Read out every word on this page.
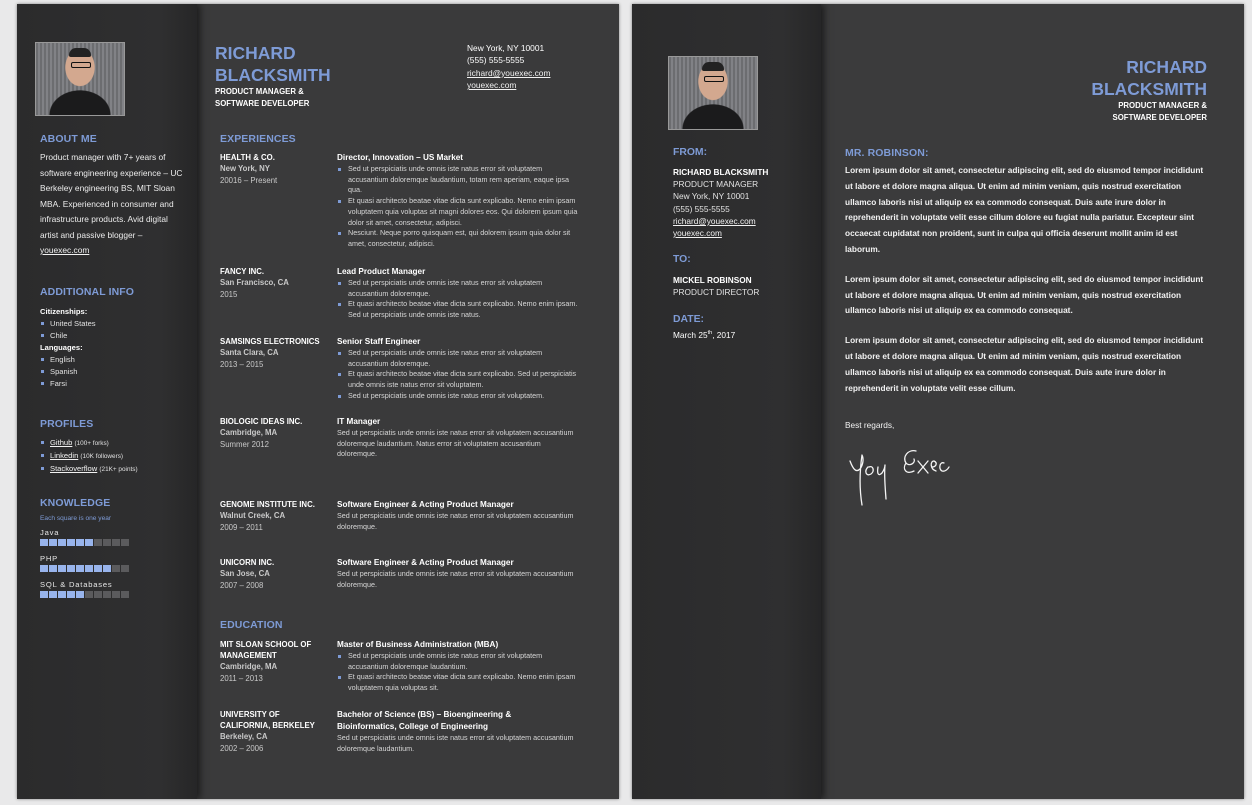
ABOUT ME
Product manager with 7+ years of software engineering experience – UC Berkeley engineering BS, MIT Sloan MBA. Experienced in consumer and infrastructure products. Avid digital artist and passive blogger – youexec.com
ADDITIONAL INFO
Citizenships:
United States
Chile
Languages:
English
Spanish
Farsi
PROFILES
Github (100+ forks)
Linkedin (10K followers)
Stackoverflow (21K+ points)
KNOWLEDGE
Each square is one year
Java
PHP
SQL & Databases
RICHARD
BLACKSMITH
PRODUCT MANAGER &
SOFTWARE DEVELOPER
New York, NY 10001
(555) 555-5555
richard@youexec.com
youexec.com
EXPERIENCES
HEALTH & CO.
New York, NY
20016 – Present
Director, Innovation – US Market
Sed ut perspiciatis unde omnis iste natus error sit voluptatem accusantium doloremque laudantium, totam rem aperiam, eaque ipsa qua.
Et quasi architecto beatae vitae dicta sunt explicabo. Nemo enim ipsam voluptatem quia voluptas sit magni dolores eos. Qui dolorem ipsum quia dolor sit amet, consectetur, adipisci.
Nesciunt. Neque porro quisquam est, qui dolorem ipsum quia dolor sit amet, consectetur, adipisci.
FANCY INC.
San Francisco, CA
2015
Lead Product Manager
Sed ut perspiciatis unde omnis iste natus error sit voluptatem accusantium doloremque.
Et quasi architecto beatae vitae dicta sunt explicabo. Nemo enim ipsam. Sed ut perspiciatis unde omnis iste natus.
SAMSINGS ELECTRONICS
Santa Clara, CA
2013 – 2015
Senior Staff Engineer
Sed ut perspiciatis unde omnis iste natus error sit voluptatem accusantium doloremque.
Et quasi architecto beatae vitae dicta sunt explicabo. Sed ut perspiciatis unde omnis iste natus error sit voluptatem.
Sed ut perspiciatis unde omnis iste natus error sit voluptatem.
BIOLOGIC IDEAS INC.
Cambridge, MA
Summer 2012
IT Manager

Sed ut perspiciatis unde omnis iste natus error sit voluptatem accusantium doloremque laudantium. Natus error sit voluptatem accusantium doloremque.

GENOME INSTITUTE INC.
Walnut Creek, CA
2009 – 2011
Software Engineer & Acting Product Manager

Sed ut perspiciatis unde omnis iste natus error sit voluptatem accusantium doloremque.

UNICORN INC.
San Jose, CA
2007 – 2008
Software Engineer & Acting Product Manager

Sed ut perspiciatis unde omnis iste natus error sit voluptatem accusantium doloremque.

EDUCATION
MIT SLOAN SCHOOL OF
MANAGEMENT
Cambridge, MA
2011 – 2013
Master of Business Administration (MBA)
Sed ut perspiciatis unde omnis iste natus error sit voluptatem accusantium doloremque laudantium.
Et quasi architecto beatae vitae dicta sunt explicabo. Nemo enim ipsam voluptatem quia voluptas sit.
UNIVERSITY OF
CALIFORNIA, BERKELEY
Berkeley, CA
2002 – 2006
Bachelor of Science (BS) – Bioengineering &
Bioinformatics, College of Engineering

Sed ut perspiciatis unde omnis iste natus error sit voluptatem accusantium doloremque laudantium.

FROM:
RICHARD BLACKSMITH
PRODUCT MANAGER
New York, NY 10001
(555) 555-5555
richard@youexec.com
youexec.com
TO:
MICKEL ROBINSON
PRODUCT DIRECTOR
DATE:
March 25th, 2017
RICHARD
BLACKSMITH
PRODUCT MANAGER &
SOFTWARE DEVELOPER
MR. ROBINSON:

Lorem ipsum dolor sit amet, consectetur adipiscing elit, sed do eiusmod tempor incididunt ut labore et dolore magna aliqua. Ut enim ad minim veniam, quis nostrud exercitation ullamco laboris nisi ut aliquip ex ea commodo consequat. Duis aute irure dolor in reprehenderit in voluptate velit esse cillum dolore eu fugiat nulla pariatur. Excepteur sint occaecat cupidatat non proident, sunt in culpa qui officia deserunt mollit anim id est laborum.

Lorem ipsum dolor sit amet, consectetur adipiscing elit, sed do eiusmod tempor incididunt ut labore et dolore magna aliqua. Ut enim ad minim veniam, quis nostrud exercitation ullamco laboris nisi ut aliquip ex ea commodo consequat.

Lorem ipsum dolor sit amet, consectetur adipiscing elit, sed do eiusmod tempor incididunt ut labore et dolore magna aliqua. Ut enim ad minim veniam, quis nostrud exercitation ullamco laboris nisi ut aliquip ex ea commodo consequat. Duis aute irure dolor in reprehenderit in voluptate velit esse cillum.

Best regards,
